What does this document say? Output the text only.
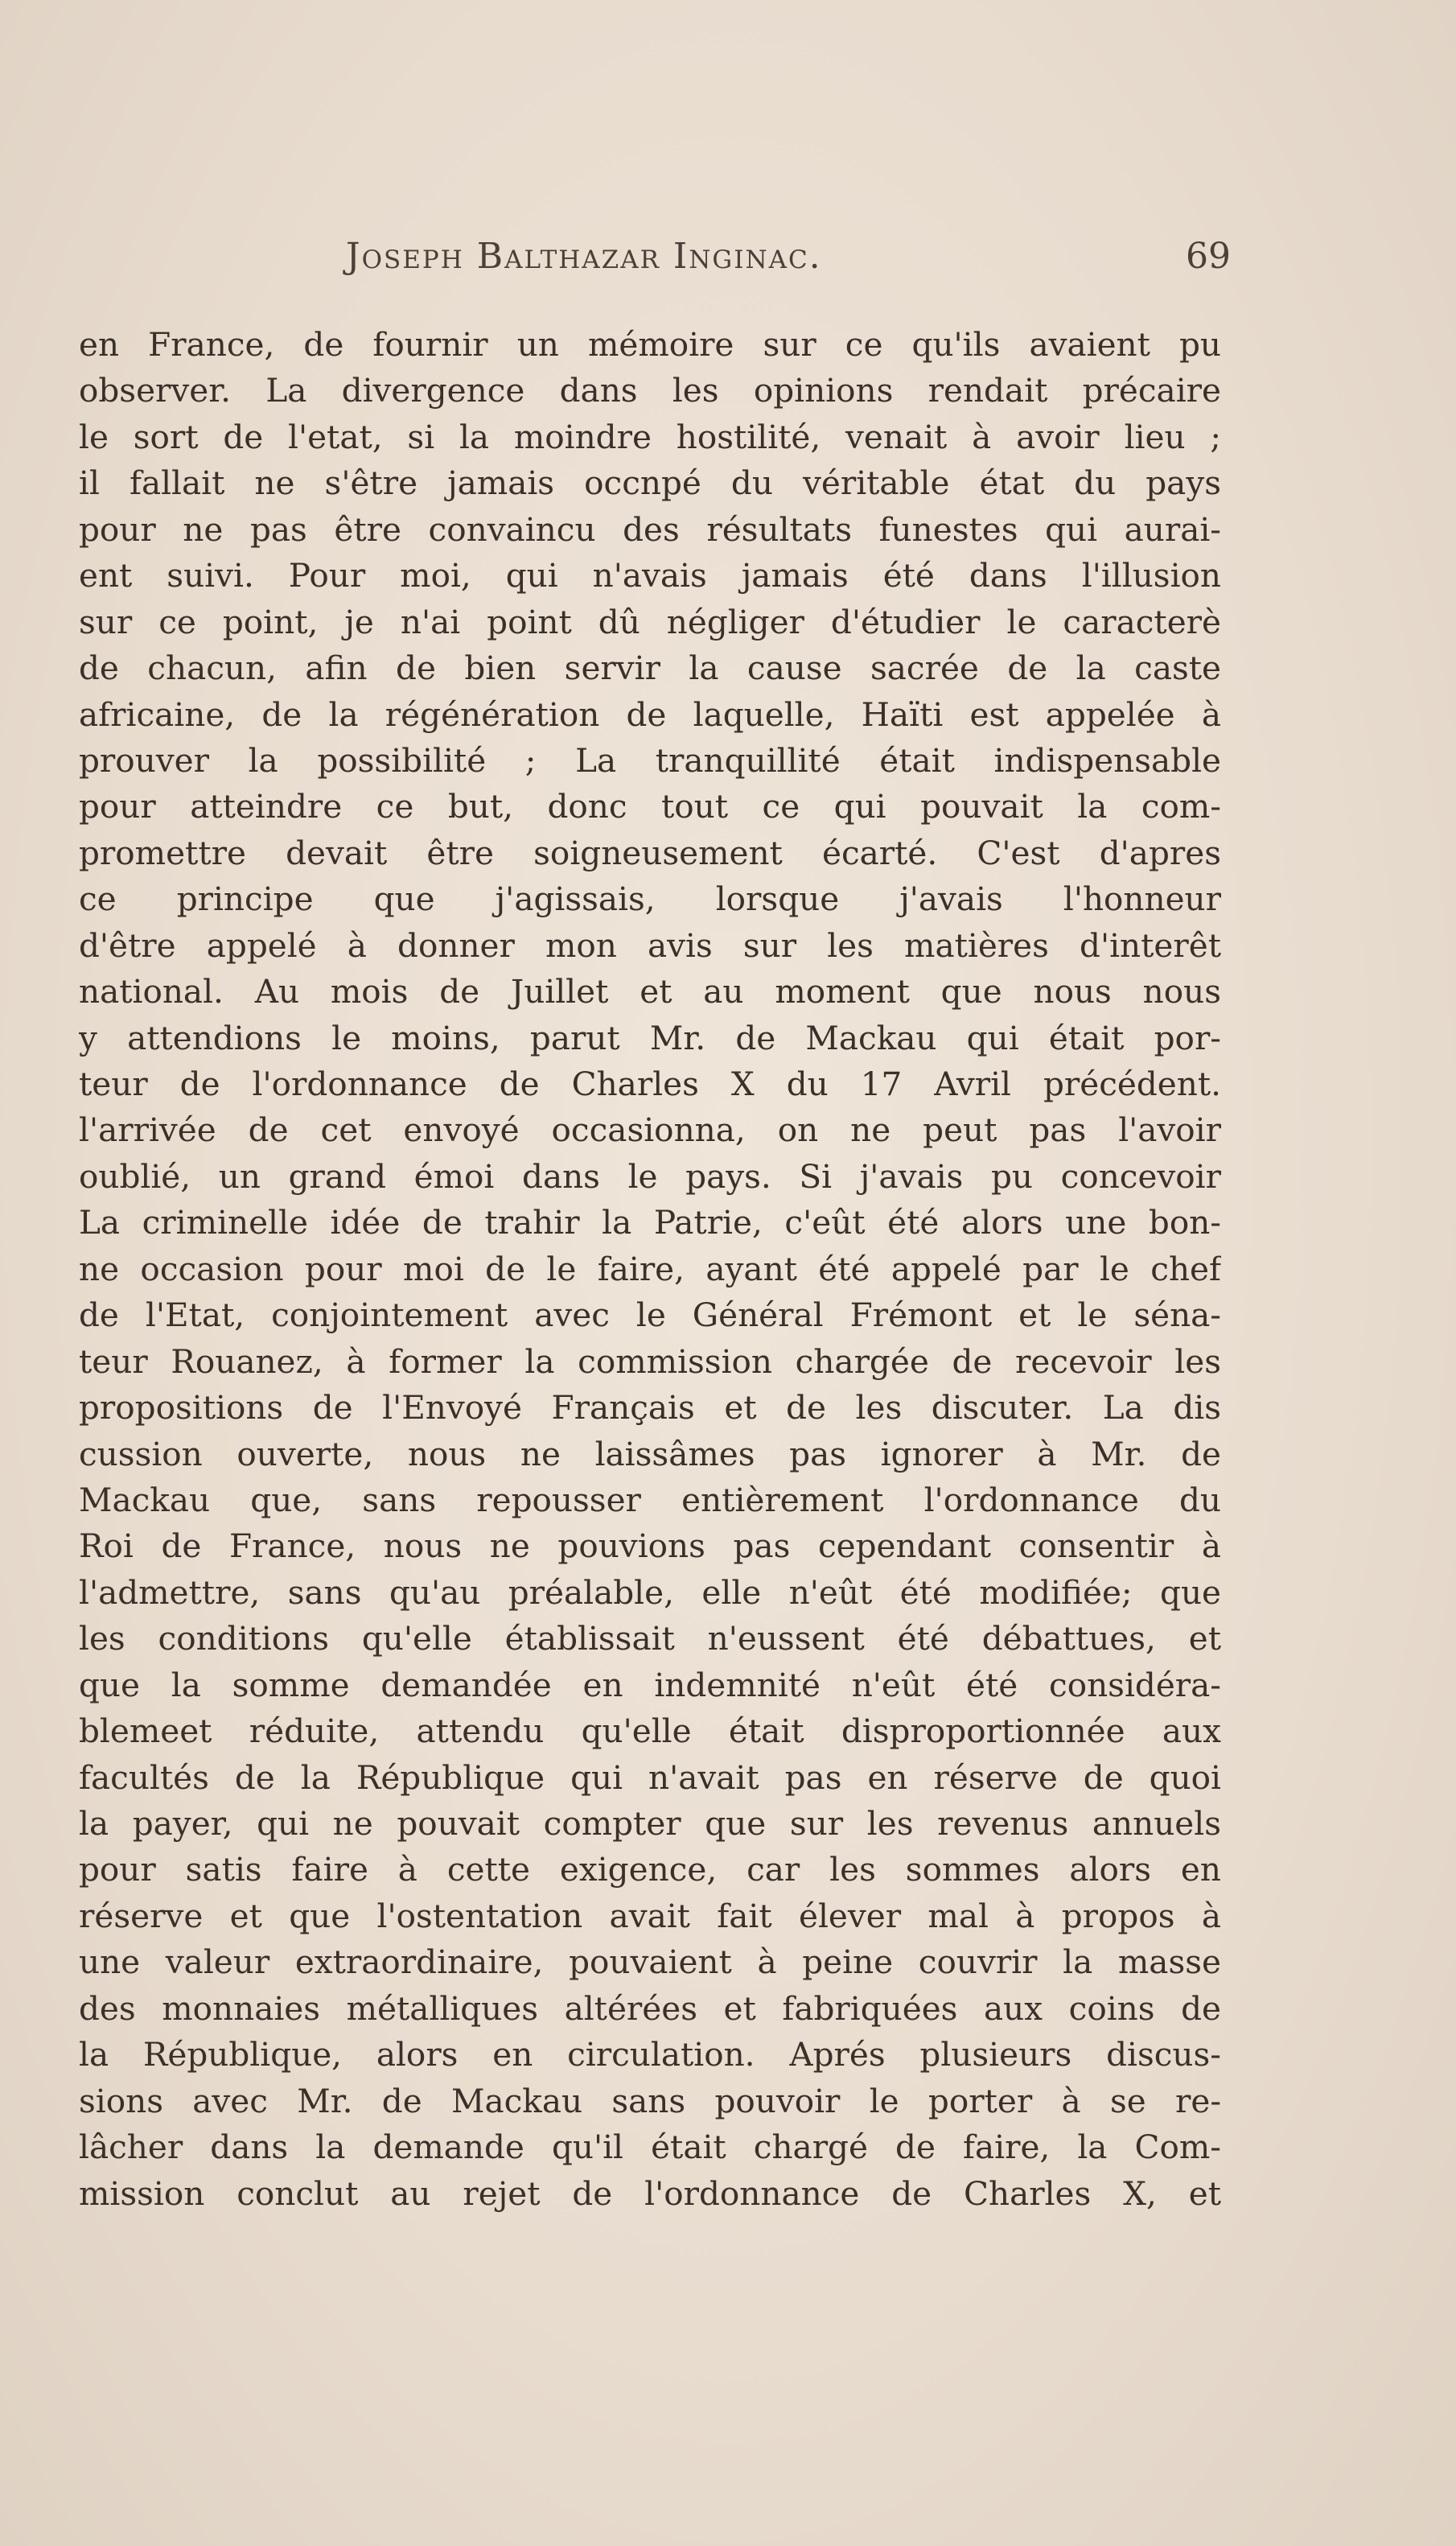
Joseph Balthazar Inginac.	69
en France, de fournir un mémoire sur ce qu'ils avaient pu
observer. La divergence dans les opinions rendait précaire
le sort de l'etat, si la moindre hostilité, venait à avoir lieu ;
il fallait ne s'être jamais occnpé du véritable état du pays
pour ne pas être convaincu des résultats funestes qui aurai-
ent suivi. Pour moi, qui n'avais jamais été dans l'illusion
sur ce point, je n'ai point dû négliger d'étudier le caracterè
de chacun, afin de bien servir la cause sacrée de la caste
africaine, de la régénération de laquelle, Haïti est appelée à
prouver la possibilité ; La tranquillité était indispensable
pour atteindre ce but, donc tout ce qui pouvait la com-
promettre devait être soigneusement écarté. C'est d'apres
ce principe que j'agissais, lorsque j'avais l'honneur
d'être appelé à donner mon avis sur les matières d'interêt
national. Au mois de Juillet et au moment que nous nous
y attendions le moins, parut Mr. de Mackau qui était por-
teur de l'ordonnance de Charles X du 17 Avril précédent.
l'arrivée de cet envoyé occasionna, on ne peut pas l'avoir
oublié, un grand émoi dans le pays. Si j'avais pu concevoir
La criminelle idée de trahir la Patrie, c'eût été alors une bon-
ne occasion pour moi de le faire, ayant été appelé par le chef
de l'Etat, conjointement avec le Général Frémont et le séna-
teur Rouanez, à former la commission chargée de recevoir les
propositions de l'Envoyé Français et de les discuter. La dis
cussion ouverte, nous ne laissâmes pas ignorer à Mr. de
Mackau que, sans repousser entièrement l'ordonnance du
Roi de France, nous ne pouvions pas cependant consentir à
l'admettre, sans qu'au préalable, elle n'eût été modifiée; que
les conditions qu'elle établissait n'eussent été débattues, et
que la somme demandée en indemnité n'eût été considéra-
blemeet réduite, attendu qu'elle était disproportionnée aux
facultés de la République qui n'avait pas en réserve de quoi
la payer, qui ne pouvait compter que sur les revenus annuels
pour satis faire à cette exigence, car les sommes alors en
réserve et que l'ostentation avait fait élever mal à propos à
une valeur extraordinaire, pouvaient à peine couvrir la masse
des monnaies métalliques altérées et fabriquées aux coins de
la République, alors en circulation. Aprés plusieurs discus-
sions avec Mr. de Mackau sans pouvoir le porter à se re-
lâcher dans la demande qu'il était chargé de faire, la Com-
mission conclut au rejet de l'ordonnance de Charles X, et
